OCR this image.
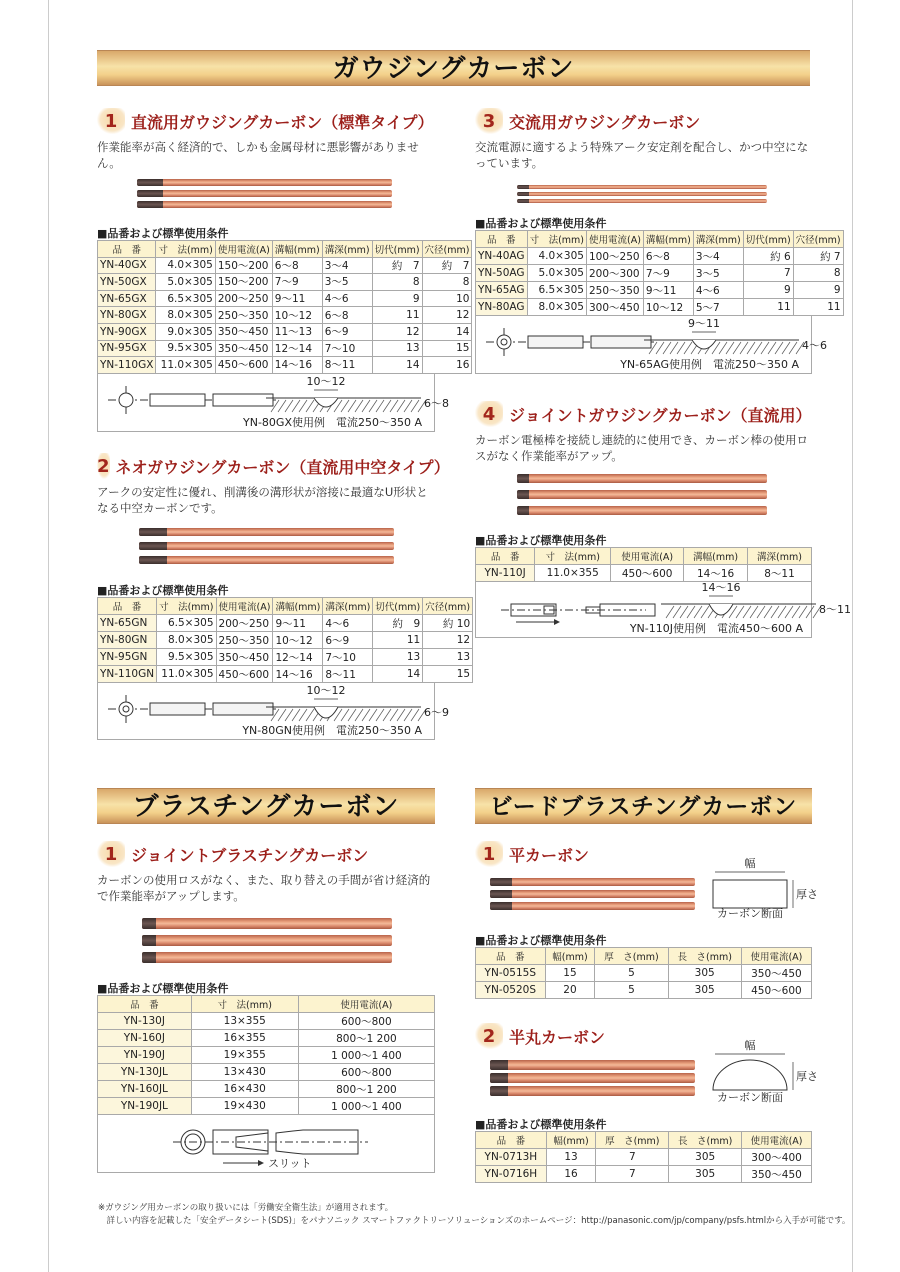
ガウジングカーボン
ブラスチングカーボン	ビードブラスチングカーボン
1 直流用ガウジングカーボン（標準タイプ）
作業能率が高く経済的で、しかも金属母材に悪影響がありません。
■品番および標準使用条件
品　番	寸　法(mm)	使用電流(A)	溝幅(mm)	溝深(mm)	切代(mm)	穴径(mm)
YN-40GX	4.0×305	150～200	6～8	3～4	約　7	約　7
YN-50GX	5.0×305	150～200	7～9	3～5	8	8
YN-65GX	6.5×305	200～250	9～11	4～6	9	10
YN-80GX	8.0×305	250～350	10～12	6～8	11	12
YN-90GX	9.0×305	350～450	11～13	6～9	12	14
YN-95GX	9.5×305	350～450	12～14	7～10	13	15
YN-110GX	11.0×305	450～600	14～16	8～11	14	16
10～12
6～8
YN-80GX使用例　電流250～350 A
2 ネオガウジングカーボン（直流用中空タイプ）
アークの安定性に優れ、削溝後の溝形状が溶接に最適なU形状となる中空カーボンです。
■品番および標準使用条件
品　番	寸　法(mm)	使用電流(A)	溝幅(mm)	溝深(mm)	切代(mm)	穴径(mm)
YN-65GN	6.5×305	200～250	9～11	4～6	約　9	約 10
YN-80GN	8.0×305	250～350	10～12	6～9	11	12
YN-95GN	9.5×305	350～450	12～14	7～10	13	13
YN-110GN	11.0×305	450～600	14～16	8～11	14	15
10～12
6～9
YN-80GN使用例　電流250～350 A
3 交流用ガウジングカーボン
交流電源に適するよう特殊アーク安定剤を配合し、かつ中空になっています。
■品番および標準使用条件
品　番	寸　法(mm)	使用電流(A)	溝幅(mm)	溝深(mm)	切代(mm)	穴径(mm)
YN-40AG	4.0×305	100～250	6～8	3～4	約 6	約 7
YN-50AG	5.0×305	200～300	7～9	3～5	7	8
YN-65AG	6.5×305	250～350	9～11	4～6	9	9
YN-80AG	8.0×305	300～450	10～12	5～7	11	11
9～11
4～6
YN-65AG使用例　電流250～350 A
4 ジョイントガウジングカーボン（直流用）
カーボン電極棒を接続し連続的に使用でき、カーボン棒の使用ロスがなく作業能率がアップ。
■品番および標準使用条件
品　番	寸　法(mm)	使用電流(A)	溝幅(mm)	溝深(mm)
YN-110J	11.0×355	450～600	14～16	8～11
14～16
8～11
YN-110J使用例　電流450～600 A
1 ジョイントブラスチングカーボン
カーボンの使用ロスがなく、また、取り替えの手間が省け経済的で作業能率がアップします。
■品番および標準使用条件
品　番	寸　法(mm)	使用電流(A)
YN-130J	13×355	600～800
YN-160J	16×355	800～1 200
YN-190J	19×355	1 000～1 400
YN-130JL	13×430	600～800
YN-160JL	16×430	800～1 200
YN-190JL	19×430	1 000～1 400
スリット
1 平カーボン	幅
厚さ
カーボン断面
■品番および標準使用条件
品　番	幅(mm)	厚　さ(mm)	長　さ(mm)	使用電流(A)
YN-0515S	15	5	305	350～450
YN-0520S	20	5	305	450～600
2 半丸カーボン	幅
厚さ
カーボン断面
■品番および標準使用条件
品　番	幅(mm)	厚　さ(mm)	長　さ(mm)	使用電流(A)
YN-0713H	13	7	305	300～400
YN-0716H	16	7	305	350～450
※ガウジング用カーボンの取り扱いには「労働安全衛生法」が適用されます。
　詳しい内容を記載した「安全データシート(SDS)」をパナソニック スマートファクトリーソリューションズのホームページ：http://panasonic.com/jp/company/psfs.htmlから入手が可能です。
